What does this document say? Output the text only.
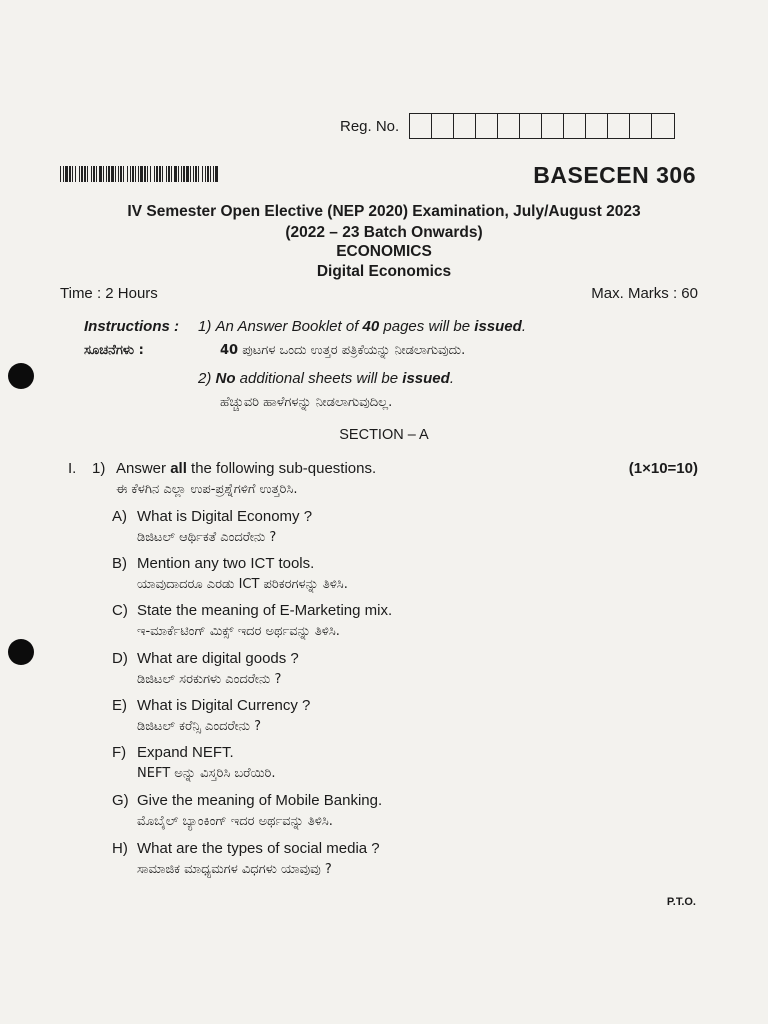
Reg. No.
BASECEN 306
IV Semester Open Elective (NEP 2020) Examination, July/August 2023
(2022 – 23 Batch Onwards)
ECONOMICS
Digital Economics
Time : 2 Hours	Max. Marks : 60
Instructions : 1) An Answer Booklet of 40 pages will be issued.
ಸೂಚನೆಗಳು :	40 ಪುಟಗಳ ಒಂದು ಉತ್ತರ ಪತ್ರಿಕೆಯನ್ನು ನೀಡಲಾಗುವುದು.
2) No additional sheets will be issued.
ಹೆಚ್ಚುವರಿ ಹಾಳೆಗಳನ್ನು ನೀಡಲಾಗುವುದಿಲ್ಲ.
SECTION – A
I. 1) Answer all the following sub-questions.
ಈ ಕೆಳಗಿನ ಎಲ್ಲಾ ಉಪ-ಪ್ರಶ್ನೆಗಳಿಗೆ ಉತ್ತರಿಸಿ.
(1×10=10)
A) What is Digital Economy ?
ಡಿಜಿಟಲ್ ಆರ್ಥಿಕತೆ ಎಂದರೇನು ?
B) Mention any two ICT tools.
ಯಾವುದಾದರೂ ಎರಡು ICT ಪರಿಕರಗಳನ್ನು ತಿಳಿಸಿ.
C) State the meaning of E-Marketing mix.
ಇ-ಮಾರ್ಕೆಟಿಂಗ್ ಮಿಕ್ಸ್ ಇದರ ಅರ್ಥವನ್ನು ತಿಳಿಸಿ.
D) What are digital goods ?
ಡಿಜಿಟಲ್ ಸರಕುಗಳು ಎಂದರೇನು ?
E) What is Digital Currency ?
ಡಿಜಿಟಲ್ ಕರೆನ್ಸಿ ಎಂದರೇನು ?
F) Expand NEFT.
NEFT ಅನ್ನು ವಿಸ್ತರಿಸಿ ಬರೆಯಿರಿ.
G) Give the meaning of Mobile Banking.
ಮೊಬೈಲ್ ಬ್ಯಾಂಕಿಂಗ್ ಇದರ ಅರ್ಥವನ್ನು ತಿಳಿಸಿ.
H) What are the types of social media ?
ಸಾಮಾಜಿಕ ಮಾಧ್ಯಮಗಳ ವಿಧಗಳು ಯಾವುವು ?
P.T.O.
